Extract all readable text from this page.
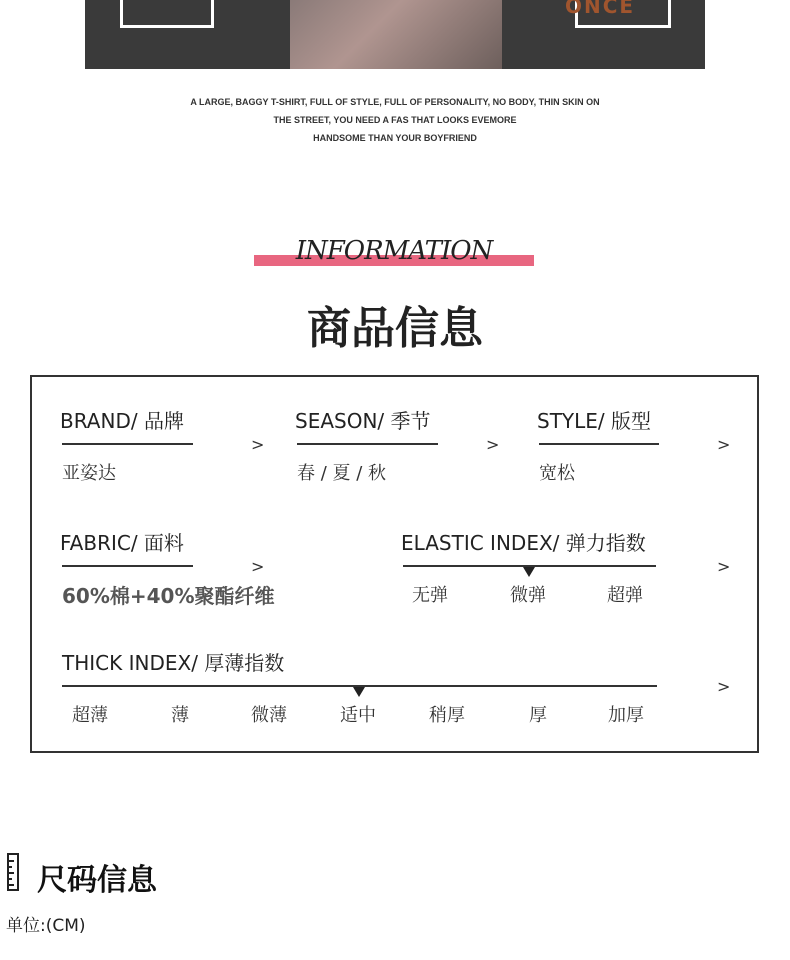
ONCE
A LARGE, BAGGY T-SHIRT, FULL OF STYLE, FULL OF PERSONALITY, NO BODY, THIN SKIN ON
THE STREET, YOU NEED A FAS THAT LOOKS EVEMORE
HANDSOME THAN YOUR BOYFRIEND
INFORMATION
商品信息
BRAND/ 品牌
亚姿达
>
SEASON/ 季节
春 / 夏 / 秋
>
STYLE/ 版型
宽松
>
FABRIC/ 面料
60%棉+40%聚酯纤维
>
ELASTIC INDEX/ 弹力指数
无弹	微弹	超弹
>
THICK INDEX/ 厚薄指数
超薄	薄	微薄	适中	稍厚	厚	加厚
>
尺码信息
单位:(CM)
